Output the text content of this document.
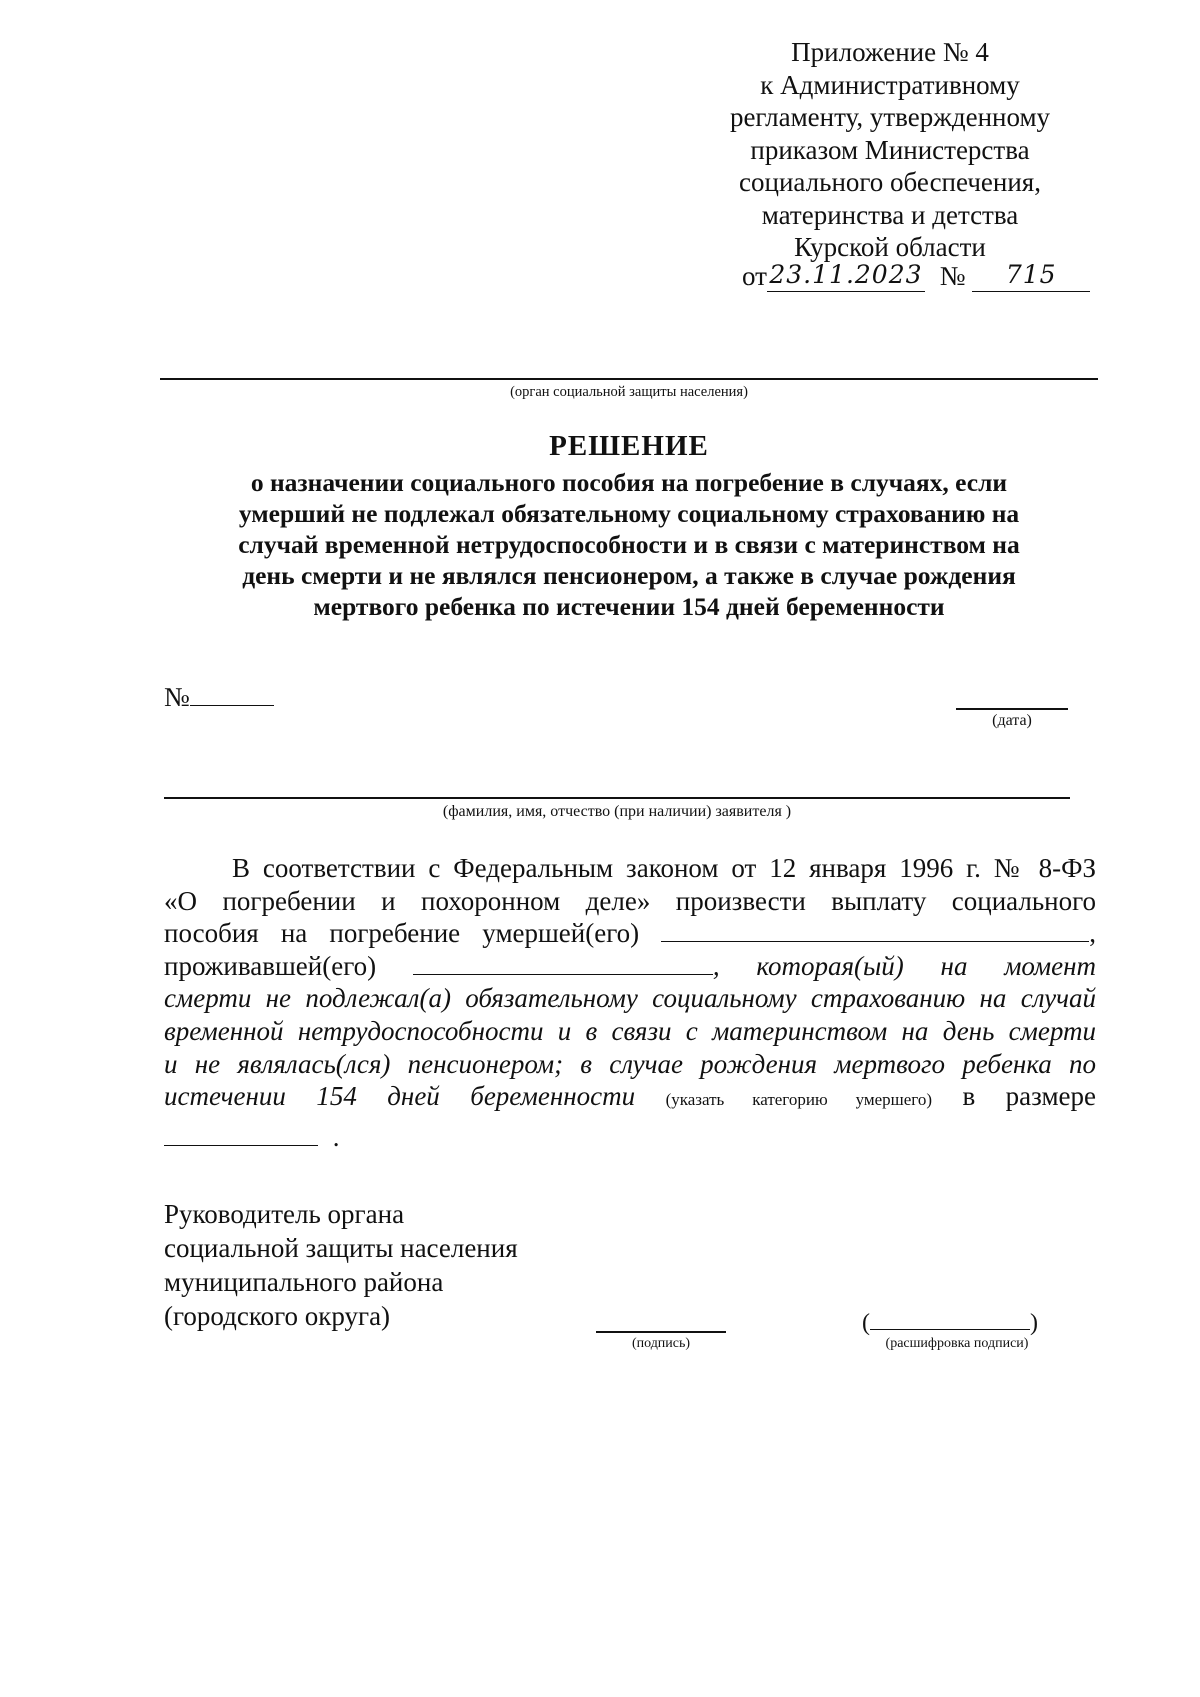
Приложение № 4
к Административному
регламенту, утвержденному
приказом Министерства
социального обеспечения,
материнства и детства
Курской области
от23.11.2023 № 715
(орган социальной защиты населения)
РЕШЕНИЕ
о назначении социального пособия на погребение в случаях, если
умерший не подлежал обязательному социальному страхованию на
случай временной нетрудоспособности и в связи с материнством на
день смерти и не являлся пенсионером, а также в случае рождения
мертвого ребенка по истечении 154 дней беременности
№
(дата)
(фамилия, имя, отчество (при наличии) заявителя )
В соответствии с Федеральным законом от 12 января 1996 г. № 8-ФЗ
«О погребении и похоронном деле» произвести выплату социального
пособия на погребение умершей(его)	,
проживавшей(его)	, которая(ый) на момент
смерти не подлежал(а) обязательному социальному страхованию на случай
временной нетрудоспособности и в связи с материнством на день смерти
и не являлась(лся) пенсионером; в случае рождения мертвого ребенка по
истечении 154 дней беременности (указать категорию умершего) в размере
.
Руководитель органа
социальной защиты населения
муниципального района
(городского округа)
(подпись)
(	)
(расшифровка подписи)
